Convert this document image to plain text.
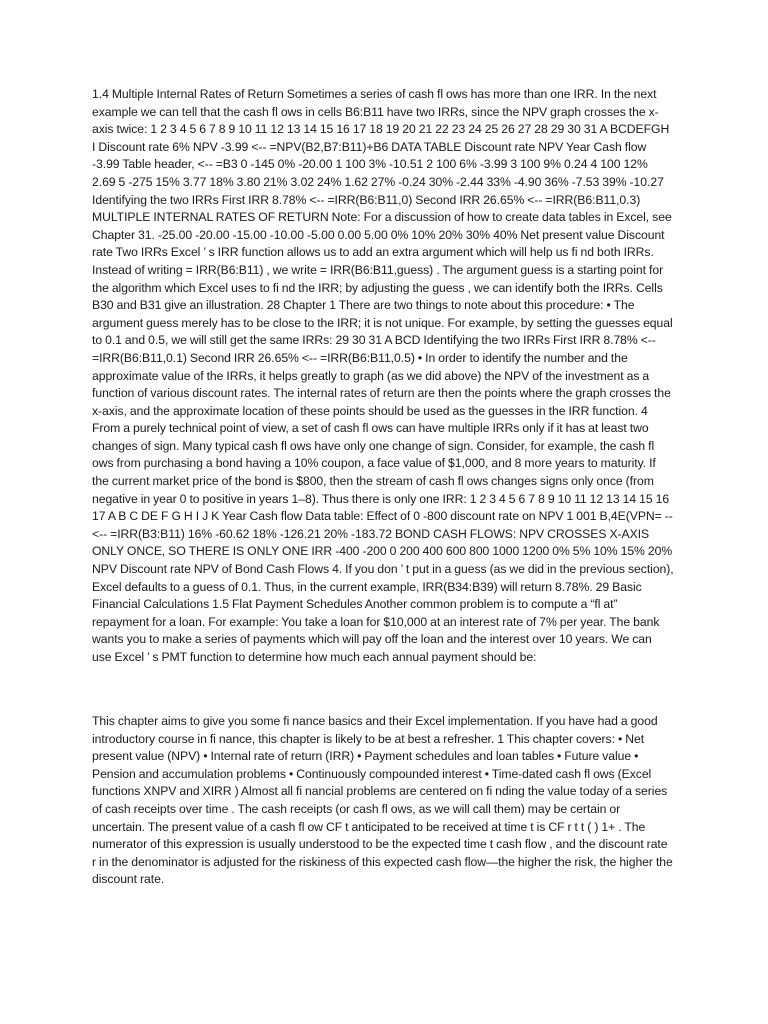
1.4 Multiple Internal Rates of Return Sometimes a series of cash fl ows has more than one IRR. In the next example we can tell that the cash fl ows in cells B6:B11 have two IRRs, since the NPV graph crosses the x-axis twice: 1 2 3 4 5 6 7 8 9 10 11 12 13 14 15 16 17 18 19 20 21 22 23 24 25 26 27 28 29 30 31 A BCDEFGH I Discount rate 6% NPV -3.99 <-- =NPV(B2,B7:B11)+B6 DATA TABLE Discount rate NPV Year Cash flow -3.99 Table header, <-- =B3 0 -145 0% -20.00 1 100 3% -10.51 2 100 6% -3.99 3 100 9% 0.24 4 100 12% 2.69 5 -275 15% 3.77 18% 3.80 21% 3.02 24% 1.62 27% -0.24 30% -2.44 33% -4.90 36% -7.53 39% -10.27 Identifying the two IRRs First IRR 8.78% <-- =IRR(B6:B11,0) Second IRR 26.65% <-- =IRR(B6:B11,0.3) MULTIPLE INTERNAL RATES OF RETURN Note: For a discussion of how to create data tables in Excel, see Chapter 31. -25.00 -20.00 -15.00 -10.00 -5.00 0.00 5.00 0% 10% 20% 30% 40% Net present value Discount rate Two IRRs Excel ’ s IRR function allows us to add an extra argument which will help us fi nd both IRRs. Instead of writing = IRR(B6:B11) , we write = IRR(B6:B11,guess) . The argument guess is a starting point for the algorithm which Excel uses to fi nd the IRR; by adjusting the guess , we can identify both the IRRs. Cells B30 and B31 give an illustration. 28 Chapter 1 There are two things to note about this procedure: • The argument guess merely has to be close to the IRR; it is not unique. For example, by setting the guesses equal to 0.1 and 0.5, we will still get the same IRRs: 29 30 31 A BCD Identifying the two IRRs First IRR 8.78% <-- =IRR(B6:B11,0.1) Second IRR 26.65% <-- =IRR(B6:B11,0.5) • In order to identify the number and the approximate value of the IRRs, it helps greatly to graph (as we did above) the NPV of the investment as a function of various discount rates. The internal rates of return are then the points where the graph crosses the x-axis, and the approximate location of these points should be used as the guesses in the IRR function. 4 From a purely technical point of view, a set of cash fl ows can have multiple IRRs only if it has at least two changes of sign. Many typical cash fl ows have only one change of sign. Consider, for example, the cash fl ows from purchasing a bond having a 10% coupon, a face value of $1,000, and 8 more years to maturity. If the current market price of the bond is $800, then the stream of cash fl ows changes signs only once (from negative in year 0 to positive in years 1–8). Thus there is only one IRR: 1 2 3 4 5 6 7 8 9 10 11 12 13 14 15 16 17 A B C DE F G H I J K Year Cash flow Data table: Effect of 0 -800 discount rate on NPV 1 001 B,4E(VPN= --<-- =IRR(B3:B11) 16% -60.62 18% -126.21 20% -183.72 BOND CASH FLOWS: NPV CROSSES X-AXIS ONLY ONCE, SO THERE IS ONLY ONE IRR -400 -200 0 200 400 600 800 1000 1200 0% 5% 10% 15% 20% NPV Discount rate NPV of Bond Cash Flows 4. If you don ’ t put in a guess (as we did in the previous section), Excel defaults to a guess of 0.1. Thus, in the current example, IRR(B34:B39) will return 8.78%. 29 Basic Financial Calculations 1.5 Flat Payment Schedules Another common problem is to compute a “fl at” repayment for a loan. For example: You take a loan for $10,000 at an interest rate of 7% per year. The bank wants you to make a series of payments which will pay off the loan and the interest over 10 years. We can use Excel ’ s PMT function to determine how much each annual payment should be:

This chapter aims to give you some fi nance basics and their Excel implementation. If you have had a good introductory course in fi nance, this chapter is likely to be at best a refresher. 1 This chapter covers: • Net present value (NPV) • Internal rate of return (IRR) • Payment schedules and loan tables • Future value • Pension and accumulation problems • Continuously compounded interest • Time-dated cash fl ows (Excel functions XNPV and XIRR ) Almost all fi nancial problems are centered on fi nding the value today of a series of cash receipts over time . The cash receipts (or cash fl ows, as we will call them) may be certain or uncertain. The present value of a cash fl ow CF t anticipated to be received at time t is CF r t t ( ) 1+ . The numerator of this expression is usually understood to be the expected time t cash flow , and the discount rate r in the denominator is adjusted for the riskiness of this expected cash flow—the higher the risk, the higher the discount rate.
